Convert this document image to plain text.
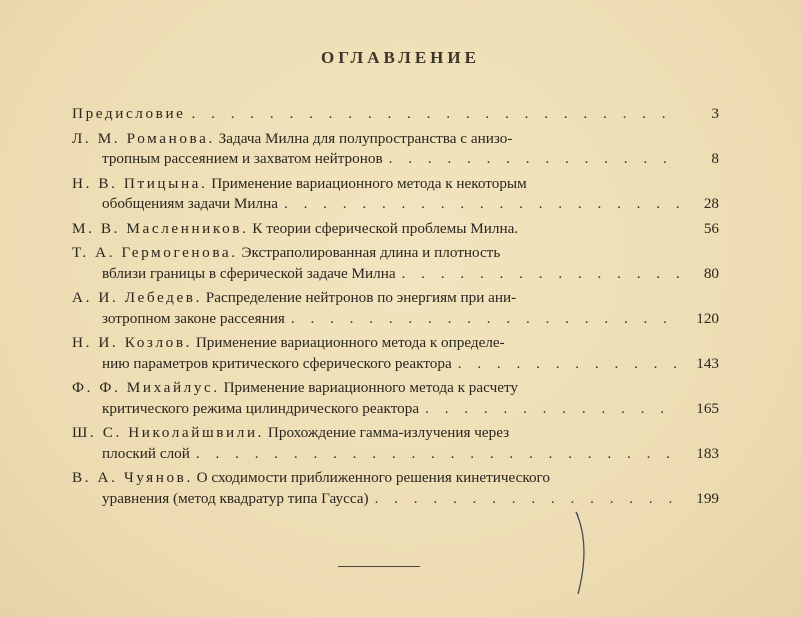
ОГЛАВЛЕНИЕ
Предисловие . . .	3
Л. М. Романова. Задача Милна для полупространства с анизо-
тропным рассеянием и захватом нейтронов . . .	8
Н. В. Птицына. Применение вариационного метода к некоторым
обобщениям задачи Милна . . .	28
М. В. Масленников. К теории сферической проблемы Милна.	56
Т. А. Гермогенова. Экстраполированная длина и плотность
вблизи границы в сферической задаче Милна . . .	80
А. И. Лебедев. Распределение нейтронов по энергиям при ани-
зотропном законе рассеяния . . .	120
Н. И. Козлов. Применение вариационного метода к определе-
нию параметров критического сферического реактора . . .	143
Ф. Ф. Михайлус. Применение вариационного метода к расчету
критического режима цилиндрического реактора . . .	165
Ш. С. Николайшвили. Прохождение гамма-излучения через
плоский слой . . .	183
В. А. Чуянов. О сходимости приближенного решения кинетического
уравнения (метод квадратур типа Гаусса) . . .	199
